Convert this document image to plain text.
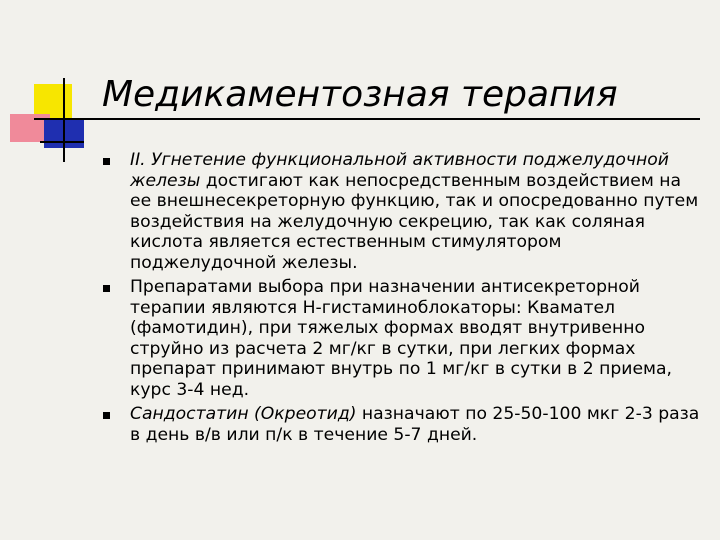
Медикаментозная терапия
II. Угнетение функциональной активности поджелудочной железы достигают как непосредственным воздействием на ее внешнесекреторную функцию, так и опосредованно путем воздействия на желудочную секрецию, так как соляная кислота является естественным стимулятором поджелудочной железы.
Препаратами выбора при назначении антисекреторной терапии являются Н-гистаминоблокаторы: Квамател (фамотидин), при тяжелых формах вводят внутривенно струйно из расчета 2 мг/кг в сутки, при легких формах препарат принимают внутрь по 1 мг/кг в сутки в 2 приема, курс 3-4 нед.
Сандостатин (Окреотид) назначают по 25-50-100 мкг 2-3 раза в день в/в или п/к в течение 5-7 дней.
